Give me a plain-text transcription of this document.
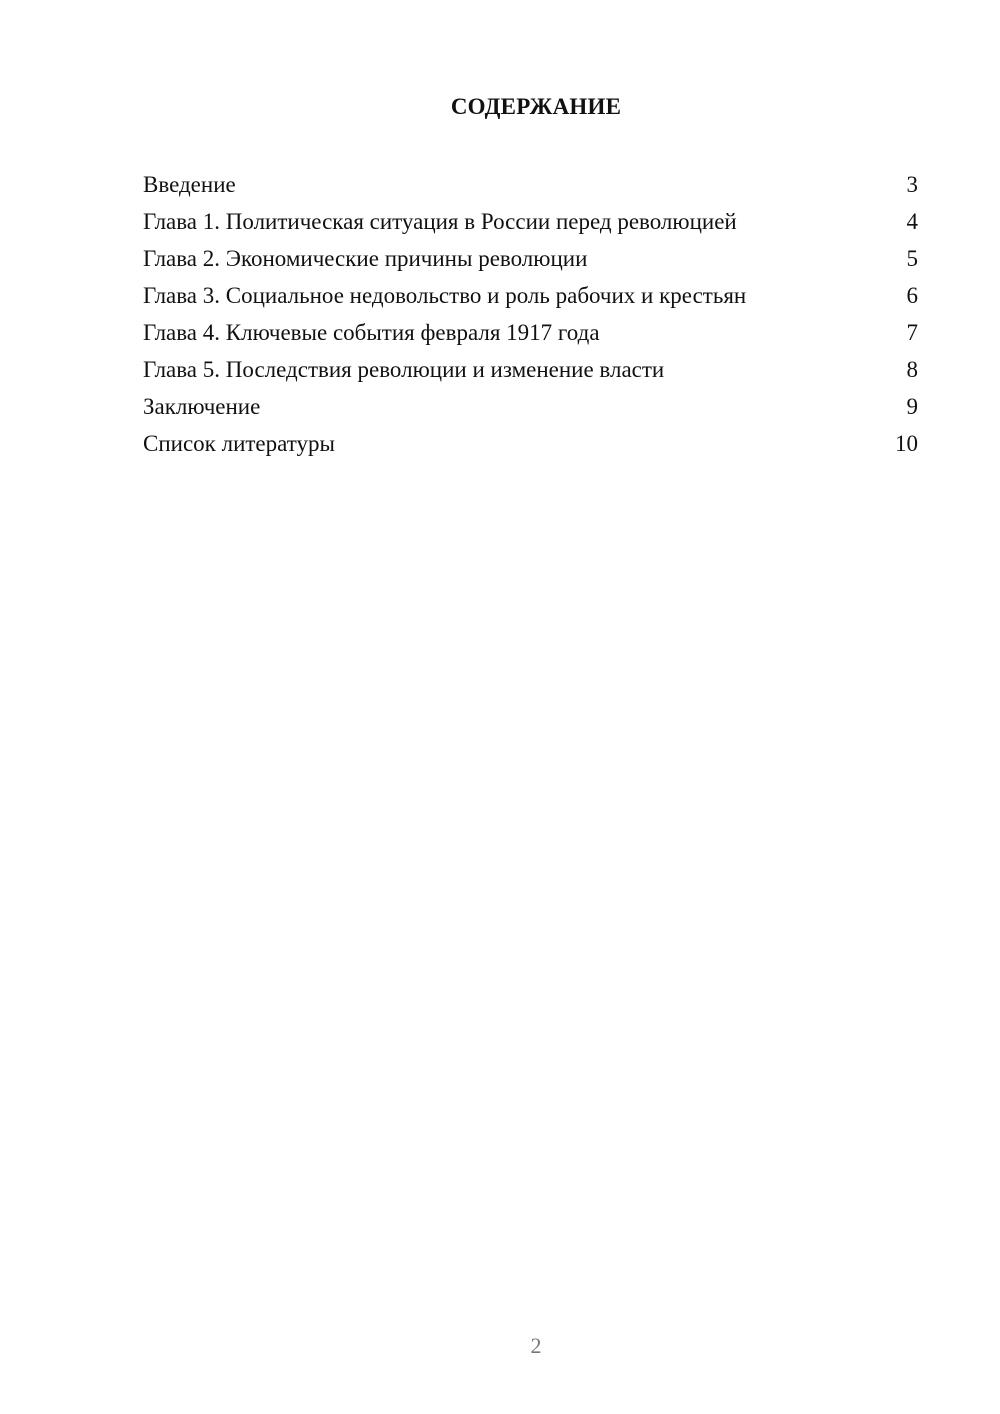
СОДЕРЖАНИЕ
Введение	3
Глава 1. Политическая ситуация в России перед революцией	4
Глава 2. Экономические причины революции	5
Глава 3. Социальное недовольство и роль рабочих и крестьян	6
Глава 4. Ключевые события февраля 1917 года	7
Глава 5. Последствия революции и изменение власти	8
Заключение	9
Список литературы	10
2
